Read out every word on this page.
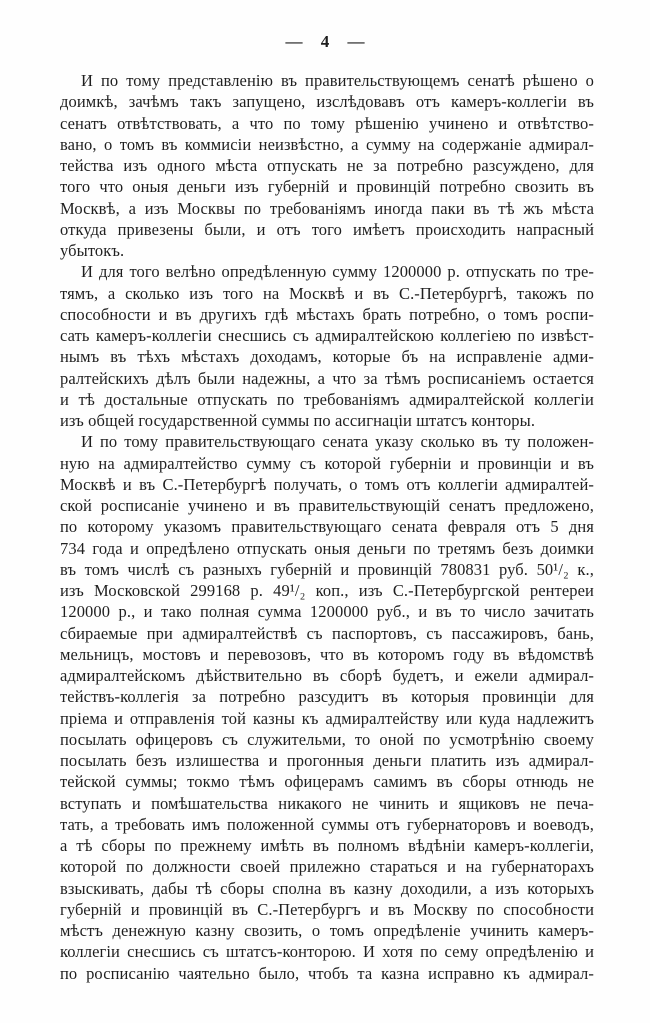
— 4 —
И по тому представленію въ правительствующемъ сенатѣ рѣшено о
доимкѣ, зачѣмъ такъ запущено, изслѣдовавъ отъ камеръ-коллегіи въ
сенатъ отвѣтствовать, а что по тому рѣшенію учинено и отвѣтство-
вано, о томъ въ коммисіи неизвѣстно, а сумму на содержаніе адмирал-
тейства изъ одного мѣста отпускать не за потребно разсуждено, для
того что оныя деньги изъ губерній и провинцій потребно свозить въ
Москвѣ, а изъ Москвы по требованіямъ иногда паки въ тѣ жъ мѣста
откуда привезены были, и отъ того имѣетъ происходить напрасный
убытокъ.
И для того велѣно опредѣленную сумму 1200000 р. отпускать по тре-
тямъ, а сколько изъ того на Москвѣ и въ С.-Петербургѣ, такожъ по
способности и въ другихъ гдѣ мѣстахъ брать потребно, о томъ роспи-
сать камеръ-коллегіи снесшись съ адмиралтейскою коллегіею по извѣст-
нымъ въ тѣхъ мѣстахъ доходамъ, которые бъ на исправленіе адми-
ралтейскихъ дѣлъ были надежны, а что за тѣмъ росписаніемъ остается
и тѣ достальные отпускать по требованіямъ адмиралтейской коллегіи
изъ общей государственной суммы по ассигнаціи штатсъ конторы.
И по тому правительствующаго сената указу сколько въ ту положен-
ную на адмиралтейство сумму съ которой губерніи и провинціи и въ
Москвѣ и въ С.-Петербургѣ получать, о томъ отъ коллегіи адмиралтей-
ской росписаніе учинено и въ правительствующій сенатъ предложено,
по которому указомъ правительствующаго сената февраля отъ 5 дня
734 года и опредѣлено отпускать оныя деньги по третямъ безъ доимки
въ томъ числѣ съ разныхъ губерній и провинцій 780831 руб. 50¹/₂ к.,
изъ Московской 299168 р. 49¹/₂ коп., изъ С.-Петербургской рентереи
120000 р., и тако полная сумма 1200000 руб., и въ то число зачитать
сбираемые при адмиралтействѣ съ паспортовъ, съ пассажировъ, бань,
мельницъ, мостовъ и перевозовъ, что въ которомъ году въ вѣдомствѣ
адмиралтейскомъ дѣйствительно въ сборѣ будетъ, и ежели адмирал-
тействъ-коллегія за потребно разсудитъ въ которыя провинціи для
пріема и отправленія той казны къ адмиралтейству или куда надлежитъ
посылать офицеровъ съ служительми, то оной по усмотрѣнію своему
посылать безъ излишества и прогонныя деньги платить изъ адмирал-
тейской суммы; токмо тѣмъ офицерамъ самимъ въ сборы отнюдь не
вступать и помѣшательства никакого не чинить и ящиковъ не печа-
тать, а требовать имъ положенной суммы отъ губернаторовъ и воеводъ,
а тѣ сборы по прежнему имѣть въ полномъ вѣдѣніи камеръ-коллегіи,
которой по должности своей прилежно стараться и на губернаторахъ
взыскивать, дабы тѣ сборы сполна въ казну доходили, а изъ которыхъ
губерній и провинцій въ С.-Петербургъ и въ Москву по способности
мѣстъ денежную казну свозить, о томъ опредѣленіе учинить камеръ-
коллегіи снесшись съ штатсъ-конторою. И хотя по сему опредѣленію и
по росписанію чаятельно было, чтобъ та казна исправно къ адмирал-
